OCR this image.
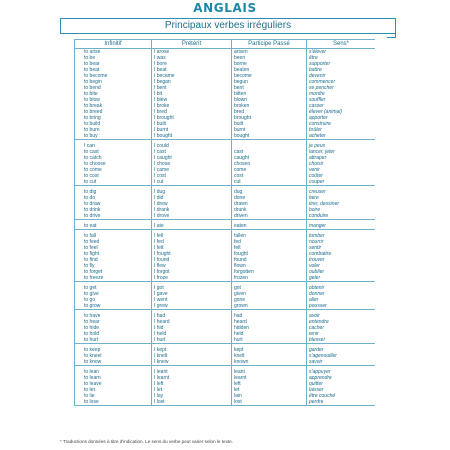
ANGLAIS
Principaux verbes irréguliers
Infinitif	Prétérit	Participe Passé	Sens*
to arise	I arose	arisen	s'élever
to be	I was	been	être
to bear	I bore	borne	supporter
to beat	I beat	beaten	battre
to become	I became	become	devenir
to begin	I began	begun	commencer
to bend	I bent	bent	se pencher
to bite	I bit	bitten	mordre
to blow	I blew	blown	souffler
to break	I broke	broken	casser
to breed	I bred	bred	élever (animal)
to bring	I brought	brought	apporter
to build	I built	built	construire
to burn	I burnt	burnt	brûler
to buy	I bought	bought	acheter

I can	I could		je peux
to cast	I cast	cast	lancer, jeter
to catch	I caught	caught	attraper
to choose	I chose	chosen	choisir
to come	I came	come	venir
to cost	I cost	cost	coûter
to cut	I cut	cut	couper

to dig	I dug	dug	creuser
to do	I did	done	faire
to draw	I drew	drawn	tirer, dessiner
to drink	I drank	drunk	boire
to drive	I drove	driven	conduire

to eat	I ate	eaten	manger

to fall	I fell	fallen	tomber
to feed	I fed	fed	nourrir
to feel	I felt	felt	sentir
to fight	I fought	fought	combattre
to find	I found	found	trouver
to fly	I flew	flown	voler
to forget	I forgot	forgotten	oublier
to freeze	I froze	frozen	geler

to get	I got	got	obtenir
to give	I gave	given	donner
to go	I went	gone	aller
to grow	I grew	grown	pousser

to have	I had	had	avoir
to hear	I heard	heard	entendre
to hide	I hid	hidden	cacher
to hold	I held	held	tenir
to hurt	I hurt	hurt	blesser

to keep	I kept	kept	garder
to kneel	I knelt	knelt	s'agenouiller
to know	I knew	known	savoir

to lean	I leant	leant	s'appuyer
to learn	I learnt	learnt	apprendre
to leave	I left	left	quitter
to let	I let	let	laisser
to lie	I lay	lain	être couché
to lose	I lost	lost	perdre
* Traductions données à titre d'indication. Le sens du verbe peut varier selon le texte.
